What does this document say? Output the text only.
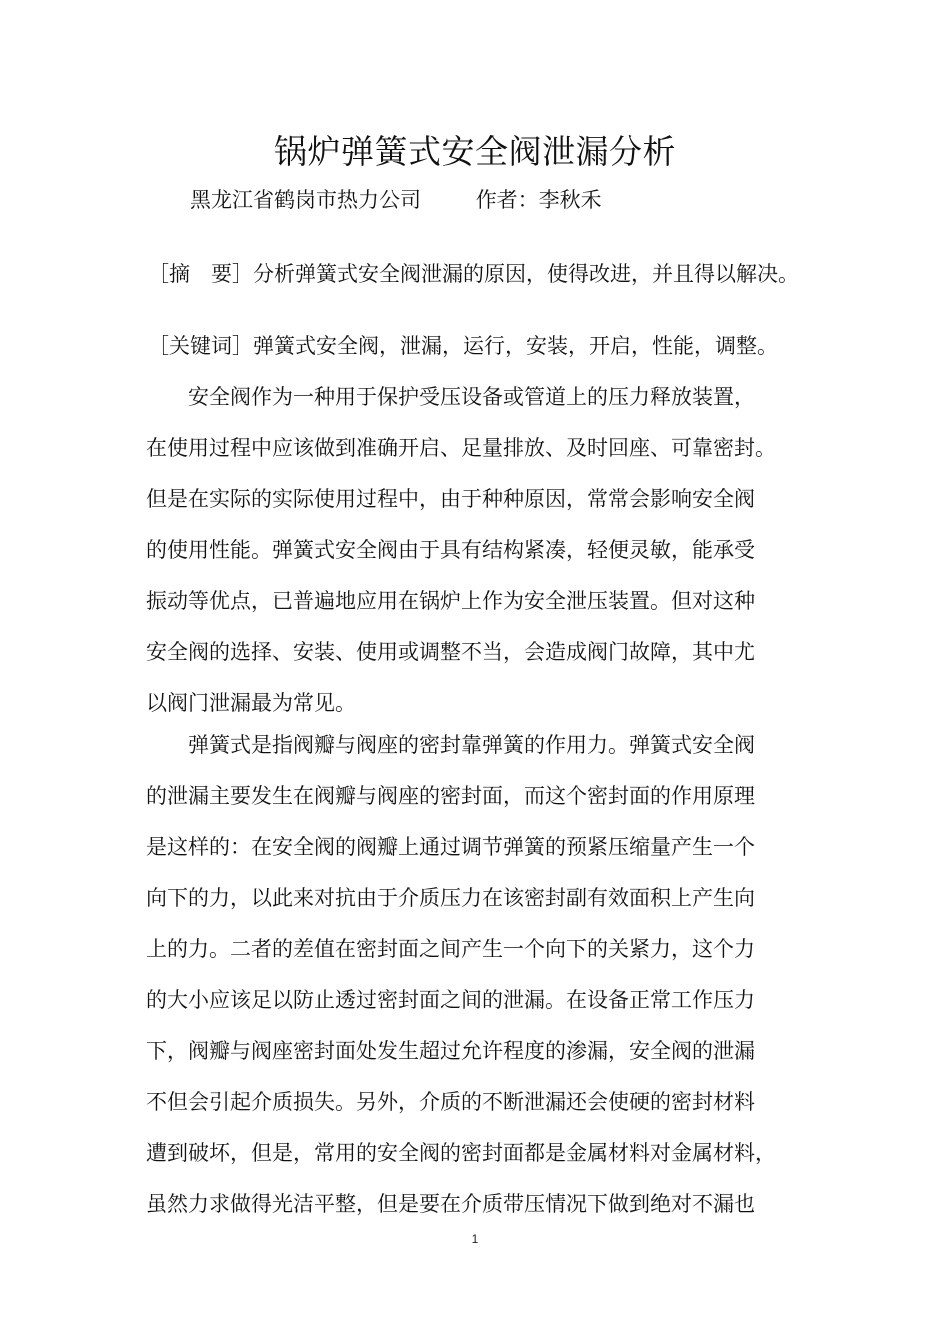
锅炉弹簧式安全阀泄漏分析
黑龙江省鹤岗市热力公司	作者：李秋禾
［摘　要］分析弹簧式安全阀泄漏的原因，使得改进，并且得以解决。
［关键词］弹簧式安全阀，泄漏，运行，安装，开启，性能，调整。
安全阀作为一种用于保护受压设备或管道上的压力释放装置，
在使用过程中应该做到准确开启、足量排放、及时回座、可靠密封。
但是在实际的实际使用过程中，由于种种原因，常常会影响安全阀
的使用性能。弹簧式安全阀由于具有结构紧凑，轻便灵敏，能承受
振动等优点，已普遍地应用在锅炉上作为安全泄压装置。但对这种
安全阀的选择、安装、使用或调整不当，会造成阀门故障，其中尤
以阀门泄漏最为常见。
弹簧式是指阀瓣与阀座的密封靠弹簧的作用力。弹簧式安全阀
的泄漏主要发生在阀瓣与阀座的密封面，而这个密封面的作用原理
是这样的：在安全阀的阀瓣上通过调节弹簧的预紧压缩量产生一个
向下的力，以此来对抗由于介质压力在该密封副有效面积上产生向
上的力。二者的差值在密封面之间产生一个向下的关紧力，这个力
的大小应该足以防止透过密封面之间的泄漏。在设备正常工作压力
下，阀瓣与阀座密封面处发生超过允许程度的渗漏，安全阀的泄漏
不但会引起介质损失。另外，介质的不断泄漏还会使硬的密封材料
遭到破坏，但是，常用的安全阀的密封面都是金属材料对金属材料，
虽然力求做得光洁平整，但是要在介质带压情况下做到绝对不漏也
1
